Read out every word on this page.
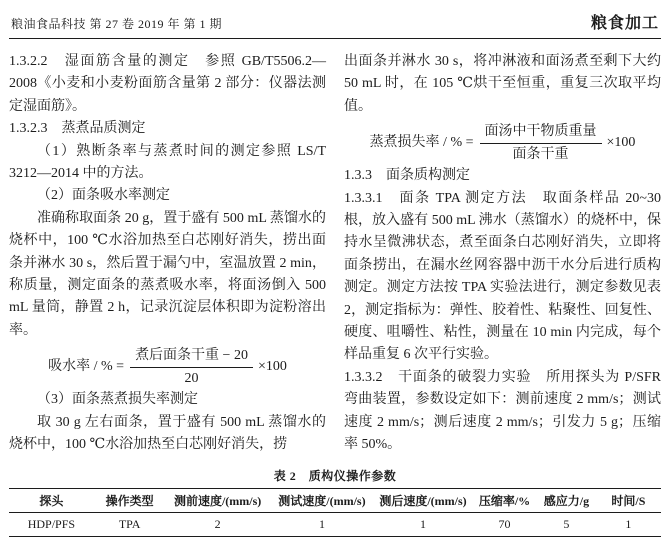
粮油食品科技 第 27 卷 2019 年 第 1 期	粮食加工

1.3.2.2　湿面筋含量的测定　参照 GB/T5506.2—2008《小麦和小麦粉面筋含量第 2 部分：仪器法测定湿面筋》。

1.3.2.3　蒸煮品质测定

（1）熟断条率与蒸煮时间的测定参照 LS/T 3212—2014 中的方法。

（2）面条吸水率测定

准确称取面条 20 g，置于盛有 500 mL 蒸馏水的烧杯中，100 ℃水浴加热至白芯刚好消失，捞出面条并淋水 30 s，然后置于漏勺中，室温放置 2 min，称质量，测定面条的蒸煮吸水率，将面汤倒入 500 mL 量筒，静置 2 h，记录沉淀层体积即为淀粉溶出率。

吸水率 / % = $\frac{\text{煮后面条干重 − 20}}{20} \times 100$

（3）面条蒸煮损失率测定

取 30 g 左右面条，置于盛有 500 mL 蒸馏水的烧杯中，100 ℃水浴加热至白芯刚好消失，捞

出面条并淋水 30 s，将冲淋液和面汤煮至剩下大约 50 mL 时，在 105 ℃烘干至恒重，重复三次取平均值。

蒸煮损失率 / % = $\frac{\text{面汤中干物质重量}}{\text{面条干重}} \times 100$

1.3.3　面条质构测定

1.3.3.1　面条 TPA 测定方法　取面条样品 20~30 根，放入盛有 500 mL 沸水（蒸馏水）的烧杯中，保持水呈微沸状态，煮至面条白芯刚好消失，立即将面条捞出，在漏水丝网容器中沥干水分后进行质构测定。测定方法按 TPA 实验法进行，测定参数见表 2，测定指标为：弹性、胶着性、粘聚性、回复性、硬度、咀嚼性、粘性，测量在 10 min 内完成，每个样品重复 6 次平行实验。

1.3.3.2　干面条的破裂力实验　所用探头为 P/SFR 弯曲装置，参数设定如下：测前速度 2 mm/s；测试速度 2 mm/s；测后速度 2 mm/s；引发力 5 g；压缩率 50%。

表 2　质构仪操作参数
探头	操作类型	测前速度/(mm/s)	测试速度/(mm/s)	测后速度/(mm/s)	压缩率/%	感应力/g	时间/S
HDP/PFS	TPA	2	1	1	70	5	1
